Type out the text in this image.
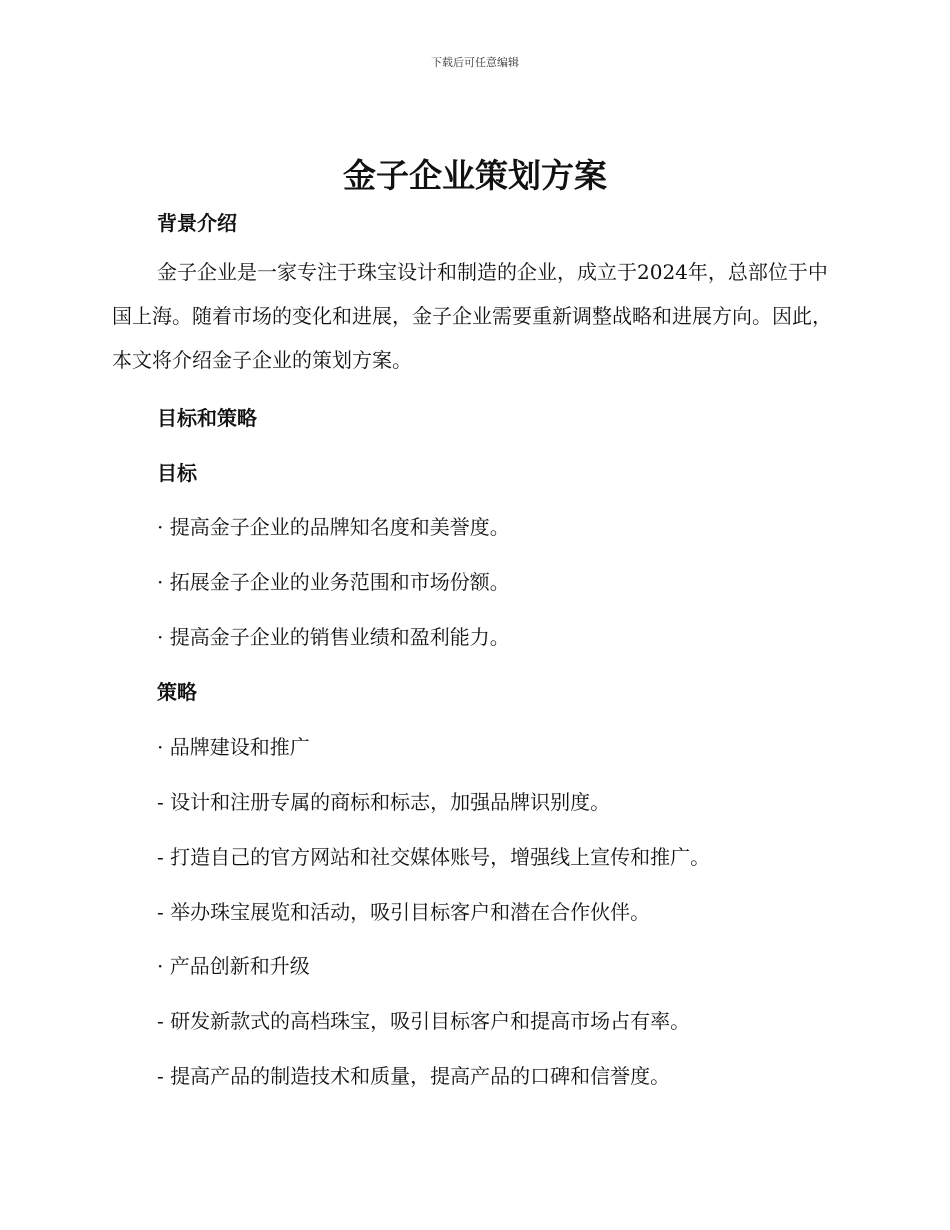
下载后可任意编辑
金子企业策划方案
背景介绍

金子企业是一家专注于珠宝设计和制造的企业，成立于2024年，总部位于中国上海。随着市场的变化和进展，金子企业需要重新调整战略和进展方向。因此，本文将介绍金子企业的策划方案。

目标和策略
目标

· 提高金子企业的品牌知名度和美誉度。

· 拓展金子企业的业务范围和市场份额。

· 提高金子企业的销售业绩和盈利能力。

策略

· 品牌建设和推广

- 设计和注册专属的商标和标志，加强品牌识别度。

- 打造自己的官方网站和社交媒体账号，增强线上宣传和推广。

- 举办珠宝展览和活动，吸引目标客户和潜在合作伙伴。

· 产品创新和升级

- 研发新款式的高档珠宝，吸引目标客户和提高市场占有率。

- 提高产品的制造技术和质量，提高产品的口碑和信誉度。
